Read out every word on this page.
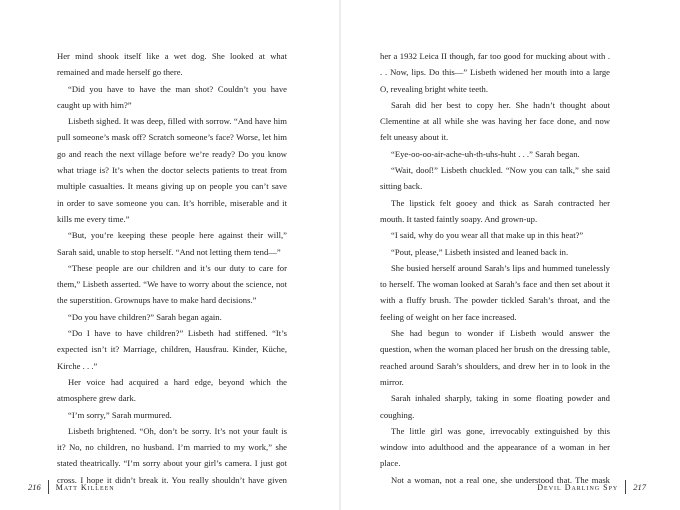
Her mind shook itself like a wet dog. She looked at what remained and made herself go there.

“Did you have to have the man shot? Couldn’t you have caught up with him?”

Lisbeth sighed. It was deep, filled with sorrow. “And have him pull someone’s mask off? Scratch someone’s face? Worse, let him go and reach the next village before we’re ready? Do you know what triage is? It’s when the doctor selects patients to treat from multiple casualties. It means giving up on people you can’t save in order to save someone you can. It’s horrible, miserable and it kills me every time.”

“But, you’re keeping these people here against their will,” Sarah said, unable to stop herself. “And not letting them tend—”

“These people are our children and it’s our duty to care for them,” Lisbeth asserted. “We have to worry about the science, not the superstition. Grownups have to make hard decisions.”

“Do you have children?” Sarah began again.

“Do I have to have children?” Lisbeth had stiffened. “It’s expected isn’t it? Marriage, children, Hausfrau. Kinder, Küche, Kirche . . .”

Her voice had acquired a hard edge, beyond which the atmosphere grew dark.

“I’m sorry,” Sarah murmured.

Lisbeth brightened. “Oh, don’t be sorry. It’s not your fault is it? No, no children, no husband. I’m married to my work,” she stated theatrically. “I’m sorry about your girl’s camera. I just got cross. I hope it didn’t break it. You really shouldn’t have given

216 Matt Killeen

her a 1932 Leica II though, far too good for mucking about with . . . Now, lips. Do this—” Lisbeth widened her mouth into a large O, revealing bright white teeth.

Sarah did her best to copy her. She hadn’t thought about Clementine at all while she was having her face done, and now felt uneasy about it.

“Eye-oo-oo-air-ache-uh-th-uhs-huht . . .” Sarah began.

“Wait, dooſ!” Lisbeth chuckled. “Now you can talk,” she said sitting back.

The lipstick felt gooey and thick as Sarah contracted her mouth. It tasted faintly soapy. And grown-up.

“I said, why do you wear all that make up in this heat?”

“Pout, please,” Lisbeth insisted and leaned back in.

She busied herself around Sarah’s lips and hummed tunelessly to herself. The woman looked at Sarah’s face and then set about it with a fluffy brush. The powder tickled Sarah’s throat, and the feeling of weight on her face increased.

She had begun to wonder if Lisbeth would answer the question, when the woman placed her brush on the dressing table, reached around Sarah’s shoulders, and drew her in to look in the mirror.

Sarah inhaled sharply, taking in some floating powder and coughing.

The little girl was gone, irrevocably extinguished by this window into adulthood and the appearance of a woman in her place.

Not a woman, not a real one, she understood that. The mask

Devil Darling Spy 217
